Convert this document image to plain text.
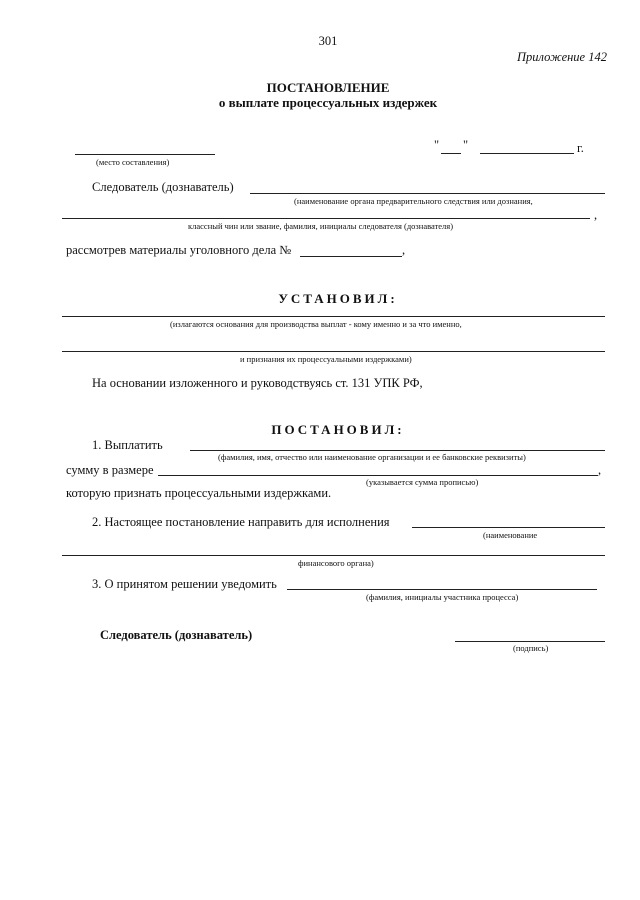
301
Приложение 142
ПОСТАНОВЛЕНИЕ
о выплате процессуальных издержек
(место составления)
" "	г.
Следователь (дознаватель)
(наименование органа предварительного следствия или дознания,
,
классный чин или звание, фамилия, инициалы следователя (дознавателя)
рассмотрев материалы уголовного дела №	,
УСТАНОВИЛ:
(излагаются основания для производства выплат - кому именно и за что именно,
и признания их процессуальными издержками)
На основании изложенного и руководствуясь ст. 131 УПК РФ,
ПОСТАНОВИЛ:
1. Выплатить
(фамилия, имя, отчество или наименование организации и ее банковские реквизиты)
сумму в размере	,
(указывается сумма прописью)
которую признать процессуальными издержками.
2. Настоящее постановление направить для исполнения
(наименование
финансового органа)
3. О принятом решении уведомить
(фамилия, инициалы участника процесса)
Следователь (дознаватель)
(подпись)
